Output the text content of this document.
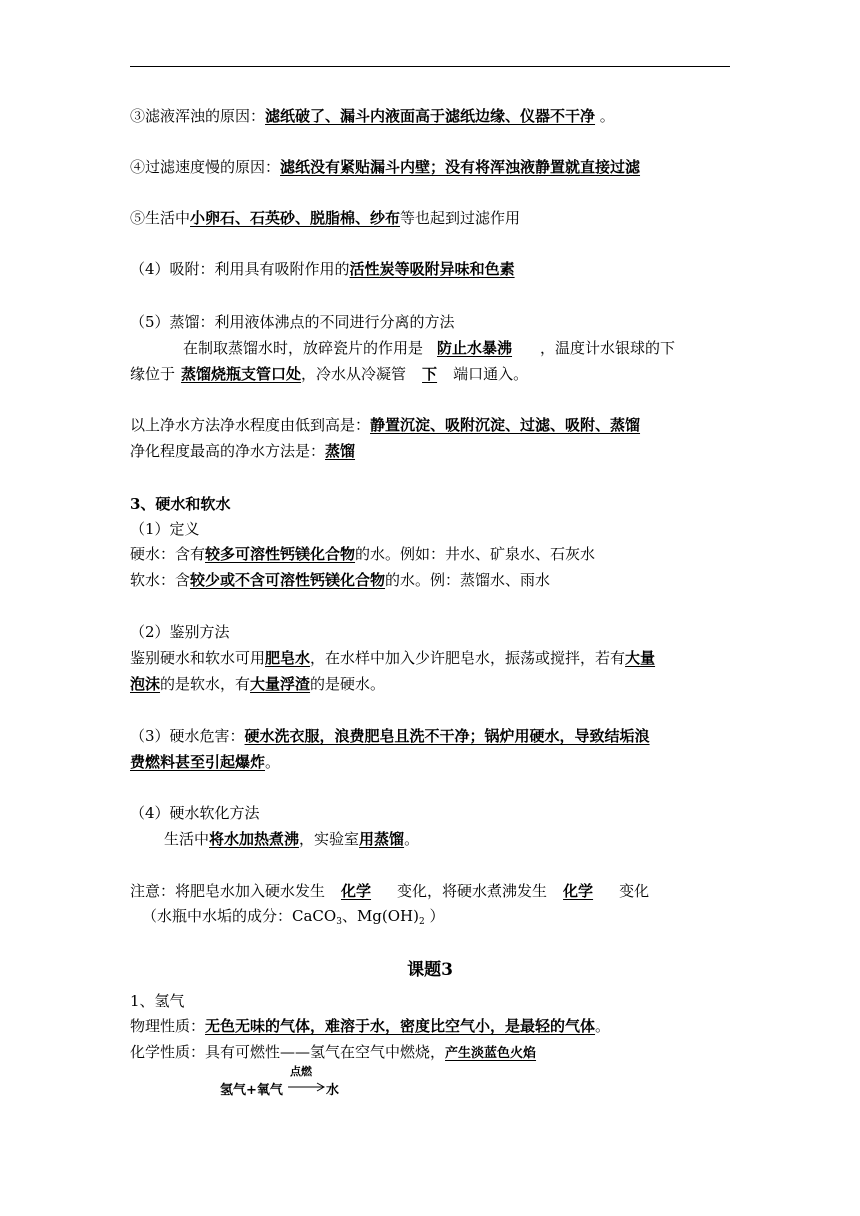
③滤液浑浊的原因：滤纸破了、漏斗内液面高于滤纸边缘、仪器不干净 。
④过滤速度慢的原因：滤纸没有紧贴漏斗内壁；没有将浑浊液静置就直接过滤
⑤生活中小卵石、石英砂、脱脂棉、纱布等也起到过滤作用
（4）吸附：利用具有吸附作用的活性炭等吸附异味和色素
（5）蒸馏：利用液体沸点的不同进行分离的方法
在制取蒸馏水时，放碎瓷片的作用是 防止水暴沸 ，温度计水银球的下
缘位于 蒸馏烧瓶支管口处，冷水从冷凝管 下 端口通入。
以上净水方法净水程度由低到高是：静置沉淀、吸附沉淀、过滤、吸附、蒸馏
净化程度最高的净水方法是：蒸馏
3、硬水和软水
（1）定义
硬水：含有较多可溶性钙镁化合物的水。例如：井水、矿泉水、石灰水
软水：含较少或不含可溶性钙镁化合物的水。例：蒸馏水、雨水
（2）鉴别方法
鉴别硬水和软水可用肥皂水，在水样中加入少许肥皂水，振荡或搅拌，若有大量
泡沫的是软水，有大量浮渣的是硬水。
（3）硬水危害：硬水洗衣服，浪费肥皂且洗不干净；锅炉用硬水，导致结垢浪
费燃料甚至引起爆炸。
（4）硬水软化方法
生活中将水加热煮沸，实验室用蒸馏。
注意：将肥皂水加入硬水发生 化学 变化，将硬水煮沸发生 化学 变化
（水瓶中水垢的成分：CaCO$_3$、$Mg(OH)_2$ ）
课题3
1、氢气
物理性质：无色无味的气体，难溶于水，密度比空气小，是最轻的气体。
化学性质：具有可燃性——氢气在空气中燃烧，产生淡蓝色火焰
氢气+氧气
点燃
水
